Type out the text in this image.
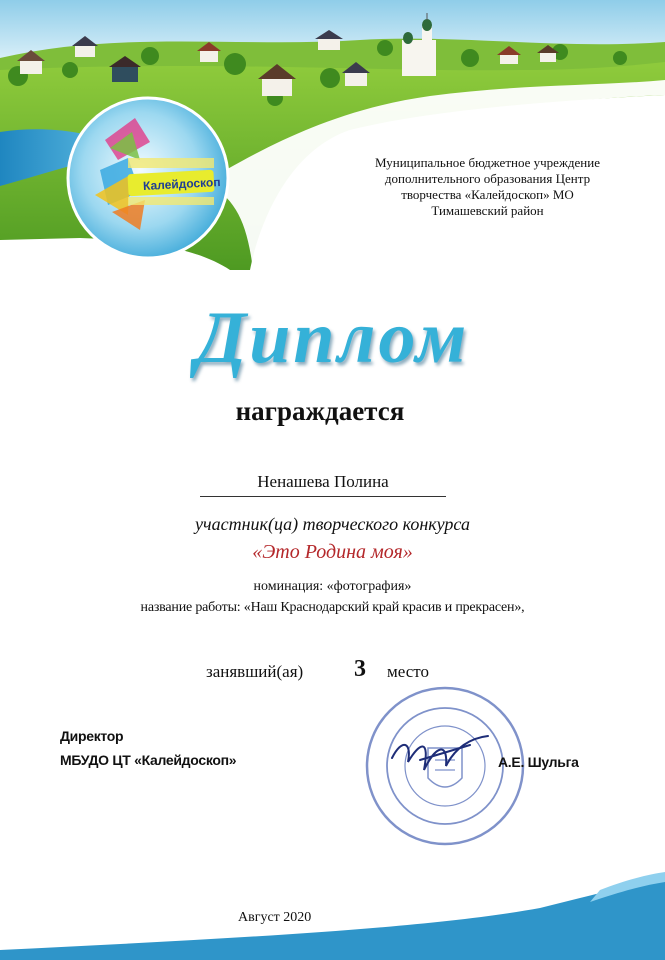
Калейдоскоп
Муниципальное бюджетное учреждение
дополнительного образования Центр
творчества «Калейдоскоп» МО
Тимашевский район
Диплом
награждается
Ненашева Полина
участник(ца) творческого конкурса
«Это Родина моя»
номинация: «фотография»
название работы: «Наш Краснодарский край красив и прекрасен»,
занявший(ая) 3 место
Директор
МБУДО ЦТ «Калейдоскоп»	А.Е. Шульга
Август 2020
